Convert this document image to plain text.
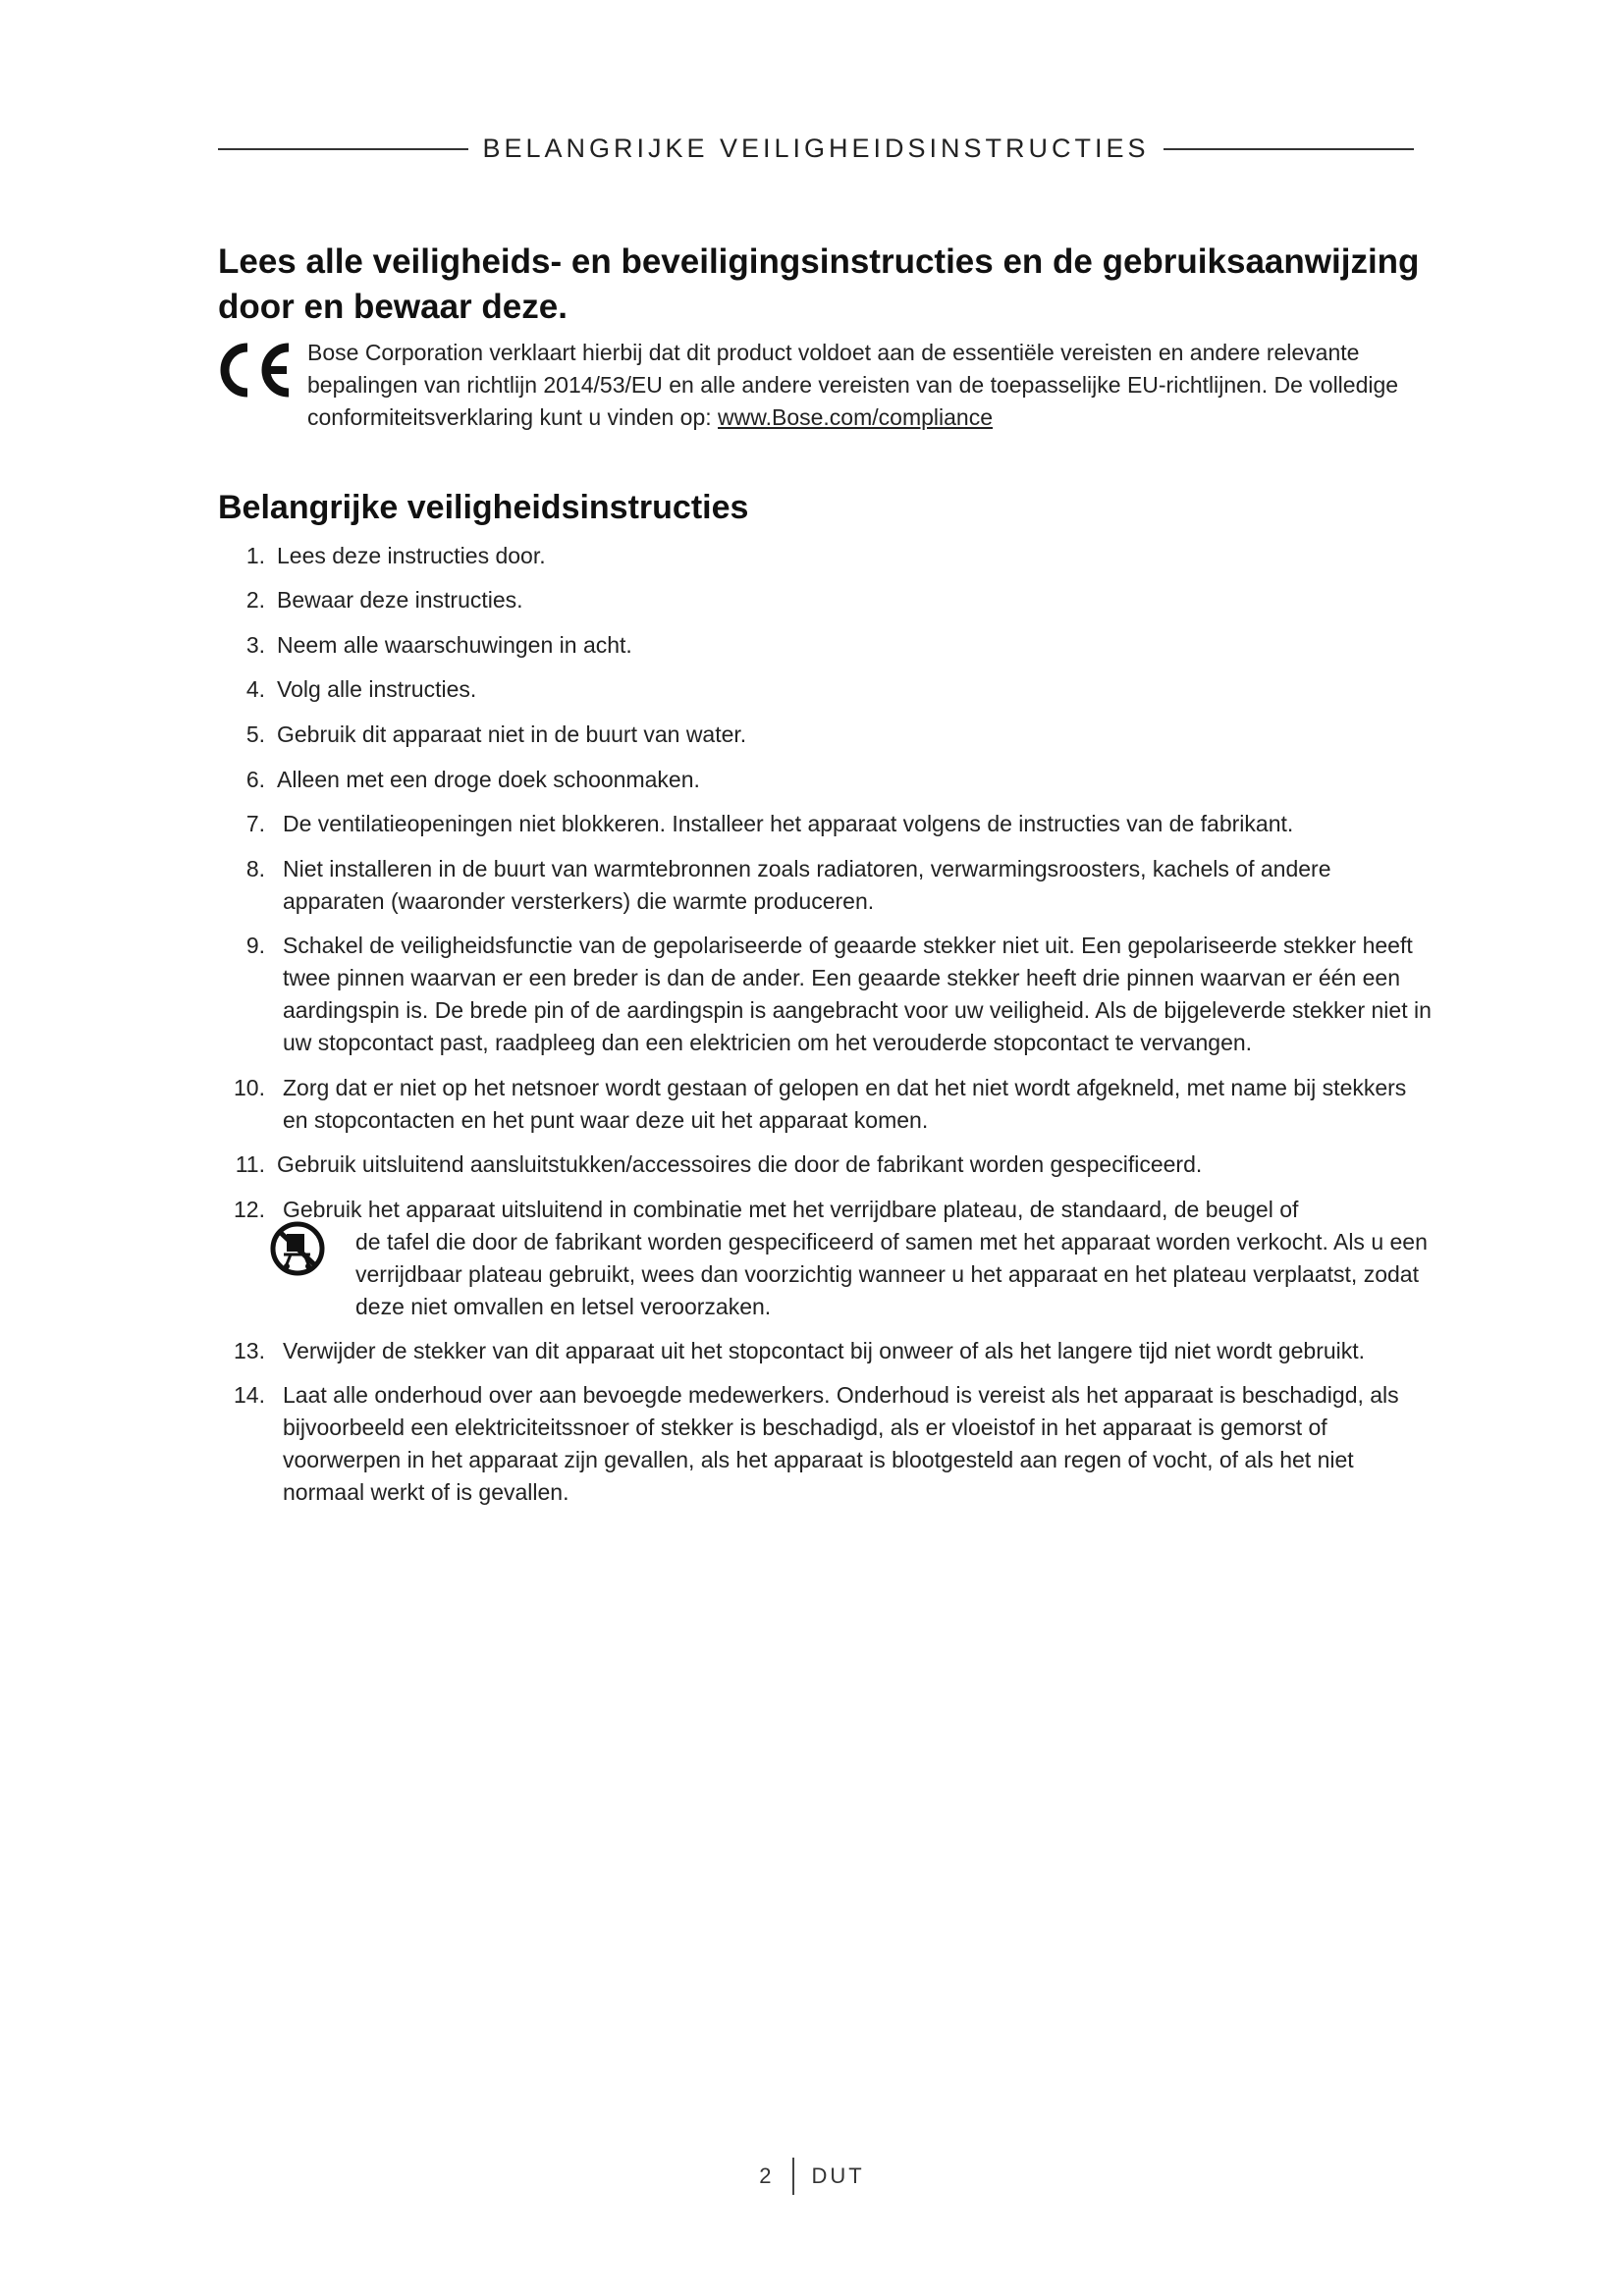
BELANGRIJKE VEILIGHEIDSINSTRUCTIES
Lees alle veiligheids- en beveiligingsinstructies en de gebruiksaanwijzing door en bewaar deze.
Bose Corporation verklaart hierbij dat dit product voldoet aan de essentiële vereisten en andere relevante bepalingen van richtlijn 2014/53/EU en alle andere vereisten van de toepasselijke EU-richtlijnen. De volledige conformiteitsverklaring kunt u vinden op: www.Bose.com/compliance
Belangrijke veiligheidsinstructies
1. Lees deze instructies door.
2. Bewaar deze instructies.
3. Neem alle waarschuwingen in acht.
4. Volg alle instructies.
5. Gebruik dit apparaat niet in de buurt van water.
6. Alleen met een droge doek schoonmaken.
7. De ventilatieopeningen niet blokkeren. Installeer het apparaat volgens de instructies van de fabrikant.
8. Niet installeren in de buurt van warmtebronnen zoals radiatoren, verwarmingsroosters, kachels of andere apparaten (waaronder versterkers) die warmte produceren.
9. Schakel de veiligheidsfunctie van de gepolariseerde of geaarde stekker niet uit. Een gepolariseerde stekker heeft twee pinnen waarvan er een breder is dan de ander. Een geaarde stekker heeft drie pinnen waarvan er één een aardingspin is. De brede pin of de aardingspin is aangebracht voor uw veiligheid. Als de bijgeleverde stekker niet in uw stopcontact past, raadpleeg dan een elektricien om het verouderde stopcontact te vervangen.
10. Zorg dat er niet op het netsnoer wordt gestaan of gelopen en dat het niet wordt afgekneld, met name bij stekkers en stopcontacten en het punt waar deze uit het apparaat komen.
11. Gebruik uitsluitend aansluitstukken/accessoires die door de fabrikant worden gespecificeerd.
12. Gebruik het apparaat uitsluitend in combinatie met het verrijdbare plateau, de standaard, de beugel of
de tafel die door de fabrikant worden gespecificeerd of samen met het apparaat worden verkocht. Als u een verrijdbaar plateau gebruikt, wees dan voorzichtig wanneer u het apparaat en het plateau verplaatst, zodat deze niet omvallen en letsel veroorzaken.
13. Verwijder de stekker van dit apparaat uit het stopcontact bij onweer of als het langere tijd niet wordt gebruikt.
14. Laat alle onderhoud over aan bevoegde medewerkers. Onderhoud is vereist als het apparaat is beschadigd, als bijvoorbeeld een elektriciteitssnoer of stekker is beschadigd, als er vloeistof in het apparaat is gemorst of voorwerpen in het apparaat zijn gevallen, als het apparaat is blootgesteld aan regen of vocht, of als het niet normaal werkt of is gevallen.
2 DUT
